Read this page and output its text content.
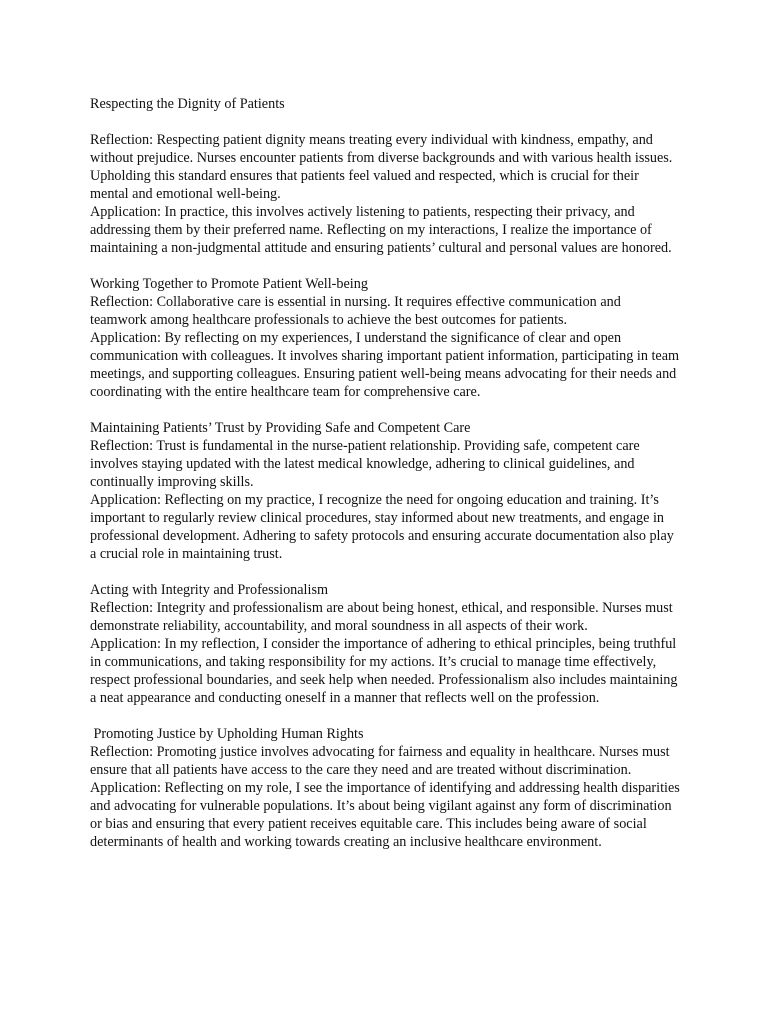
Respecting the Dignity of Patients

Reflection: Respecting patient dignity means treating every individual with kindness, empathy, and without prejudice. Nurses encounter patients from diverse backgrounds and with various health issues. Upholding this standard ensures that patients feel valued and respected, which is crucial for their mental and emotional well-being.

Application: In practice, this involves actively listening to patients, respecting their privacy, and addressing them by their preferred name. Reflecting on my interactions, I realize the importance of maintaining a non-judgmental attitude and ensuring patients’ cultural and personal values are honored.

Working Together to Promote Patient Well-being

Reflection: Collaborative care is essential in nursing. It requires effective communication and teamwork among healthcare professionals to achieve the best outcomes for patients.

Application: By reflecting on my experiences, I understand the significance of clear and open communication with colleagues. It involves sharing important patient information, participating in team meetings, and supporting colleagues. Ensuring patient well-being means advocating for their needs and coordinating with the entire healthcare team for comprehensive care.

Maintaining Patients’ Trust by Providing Safe and Competent Care

Reflection: Trust is fundamental in the nurse-patient relationship. Providing safe, competent care involves staying updated with the latest medical knowledge, adhering to clinical guidelines, and continually improving skills.

Application: Reflecting on my practice, I recognize the need for ongoing education and training. It’s important to regularly review clinical procedures, stay informed about new treatments, and engage in professional development. Adhering to safety protocols and ensuring accurate documentation also play a crucial role in maintaining trust.

Acting with Integrity and Professionalism

Reflection: Integrity and professionalism are about being honest, ethical, and responsible. Nurses must demonstrate reliability, accountability, and moral soundness in all aspects of their work.

Application: In my reflection, I consider the importance of adhering to ethical principles, being truthful in communications, and taking responsibility for my actions. It’s crucial to manage time effectively, respect professional boundaries, and seek help when needed. Professionalism also includes maintaining a neat appearance and conducting oneself in a manner that reflects well on the profession.

Promoting Justice by Upholding Human Rights

Reflection: Promoting justice involves advocating for fairness and equality in healthcare. Nurses must ensure that all patients have access to the care they need and are treated without discrimination.

Application: Reflecting on my role, I see the importance of identifying and addressing health disparities and advocating for vulnerable populations. It’s about being vigilant against any form of discrimination or bias and ensuring that every patient receives equitable care. This includes being aware of social determinants of health and working towards creating an inclusive healthcare environment.
